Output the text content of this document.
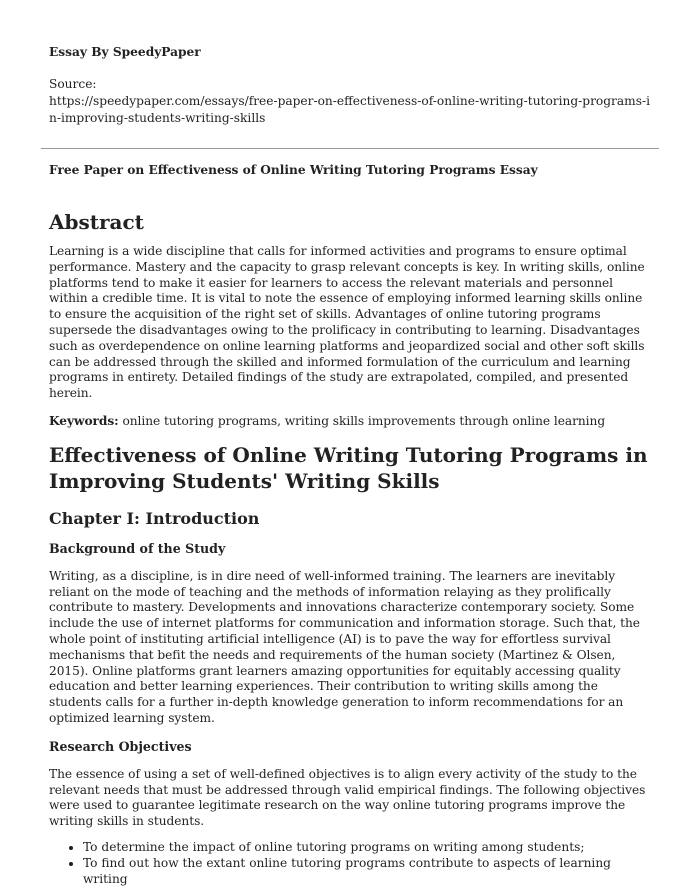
Essay By SpeedyPaper

Source:

https://speedypaper.com/essays/free-paper-on-effectiveness-of-online-writing-tutoring-programs-in-improving-students-writing-skills

Free Paper on Effectiveness of Online Writing Tutoring Programs Essay

Abstract

Learning is a wide discipline that calls for informed activities and programs to ensure optimal performance. Mastery and the capacity to grasp relevant concepts is key. In writing skills, online platforms tend to make it easier for learners to access the relevant materials and personnel within a credible time. It is vital to note the essence of employing informed learning skills online to ensure the acquisition of the right set of skills. Advantages of online tutoring programs supersede the disadvantages owing to the prolificacy in contributing to learning. Disadvantages such as overdependence on online learning platforms and jeopardized social and other soft skills can be addressed through the skilled and informed formulation of the curriculum and learning programs in entirety. Detailed findings of the study are extrapolated, compiled, and presented herein.

Keywords: online tutoring programs, writing skills improvements through online learning

Effectiveness of Online Writing Tutoring Programs in Improving Students' Writing Skills
Chapter I: Introduction
Background of the Study

Writing, as a discipline, is in dire need of well-informed training. The learners are inevitably reliant on the mode of teaching and the methods of information relaying as they prolifically contribute to mastery. Developments and innovations characterize contemporary society. Some include the use of internet platforms for communication and information storage. Such that, the whole point of instituting artificial intelligence (AI) is to pave the way for effortless survival mechanisms that befit the needs and requirements of the human society (Martinez & Olsen, 2015). Online platforms grant learners amazing opportunities for equitably accessing quality education and better learning experiences. Their contribution to writing skills among the students calls for a further in-depth knowledge generation to inform recommendations for an optimized learning system.

Research Objectives

The essence of using a set of well-defined objectives is to align every activity of the study to the relevant needs that must be addressed through valid empirical findings. The following objectives were used to guarantee legitimate research on the way online tutoring programs improve the writing skills in students.

• To determine the impact of online tutoring programs on writing among students;
• To find out how the extant online tutoring programs contribute to aspects of learning writing
